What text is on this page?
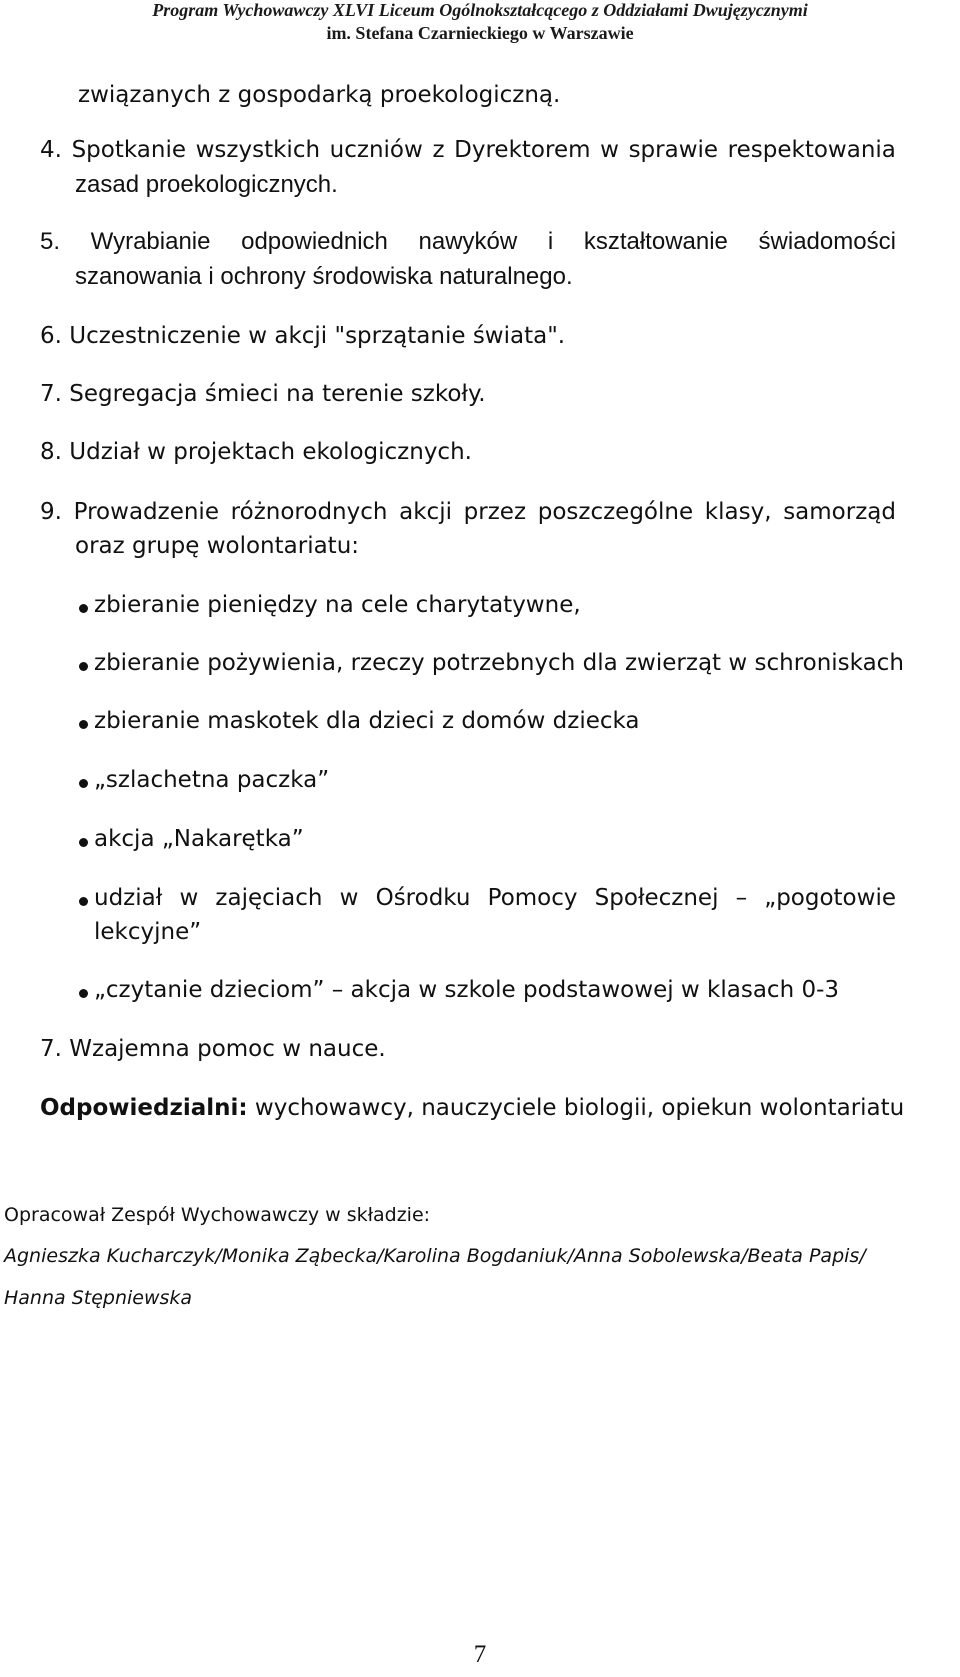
Program Wychowawczy XLVI Liceum Ogólnokształcącego z Oddziałami Dwujęzycznymi
im. Stefana Czarnieckiego w Warszawie
związanych z gospodarką proekologiczną.
4. Spotkanie wszystkich uczniów z Dyrektorem w sprawie respektowania
zasad proekologicznych.
5. Wyrabianie odpowiednich nawyków i kształtowanie świadomości
szanowania i ochrony środowiska naturalnego.
6. Uczestniczenie w akcji "sprzątanie świata".
7. Segregacja śmieci na terenie szkoły.
8. Udział w projektach ekologicznych.
9. Prowadzenie różnorodnych akcji przez poszczególne klasy, samorząd
oraz grupę wolontariatu:
zbieranie pieniędzy na cele charytatywne,
zbieranie pożywienia, rzeczy potrzebnych dla zwierząt w schroniskach
zbieranie maskotek dla dzieci z domów dziecka
„szlachetna paczka”
akcja „Nakarętka”
udział w zajęciach w Ośrodku Pomocy Społecznej – „pogotowie
lekcyjne”
„czytanie dzieciom” – akcja w szkole podstawowej w klasach 0-3
7. Wzajemna pomoc w nauce.
Odpowiedzialni: wychowawcy, nauczyciele biologii, opiekun wolontariatu
Opracował Zespół Wychowawczy w składzie:
Agnieszka Kucharczyk/Monika Ząbecka/Karolina Bogdaniuk/Anna Sobolewska/Beata Papis/
Hanna Stępniewska
7
